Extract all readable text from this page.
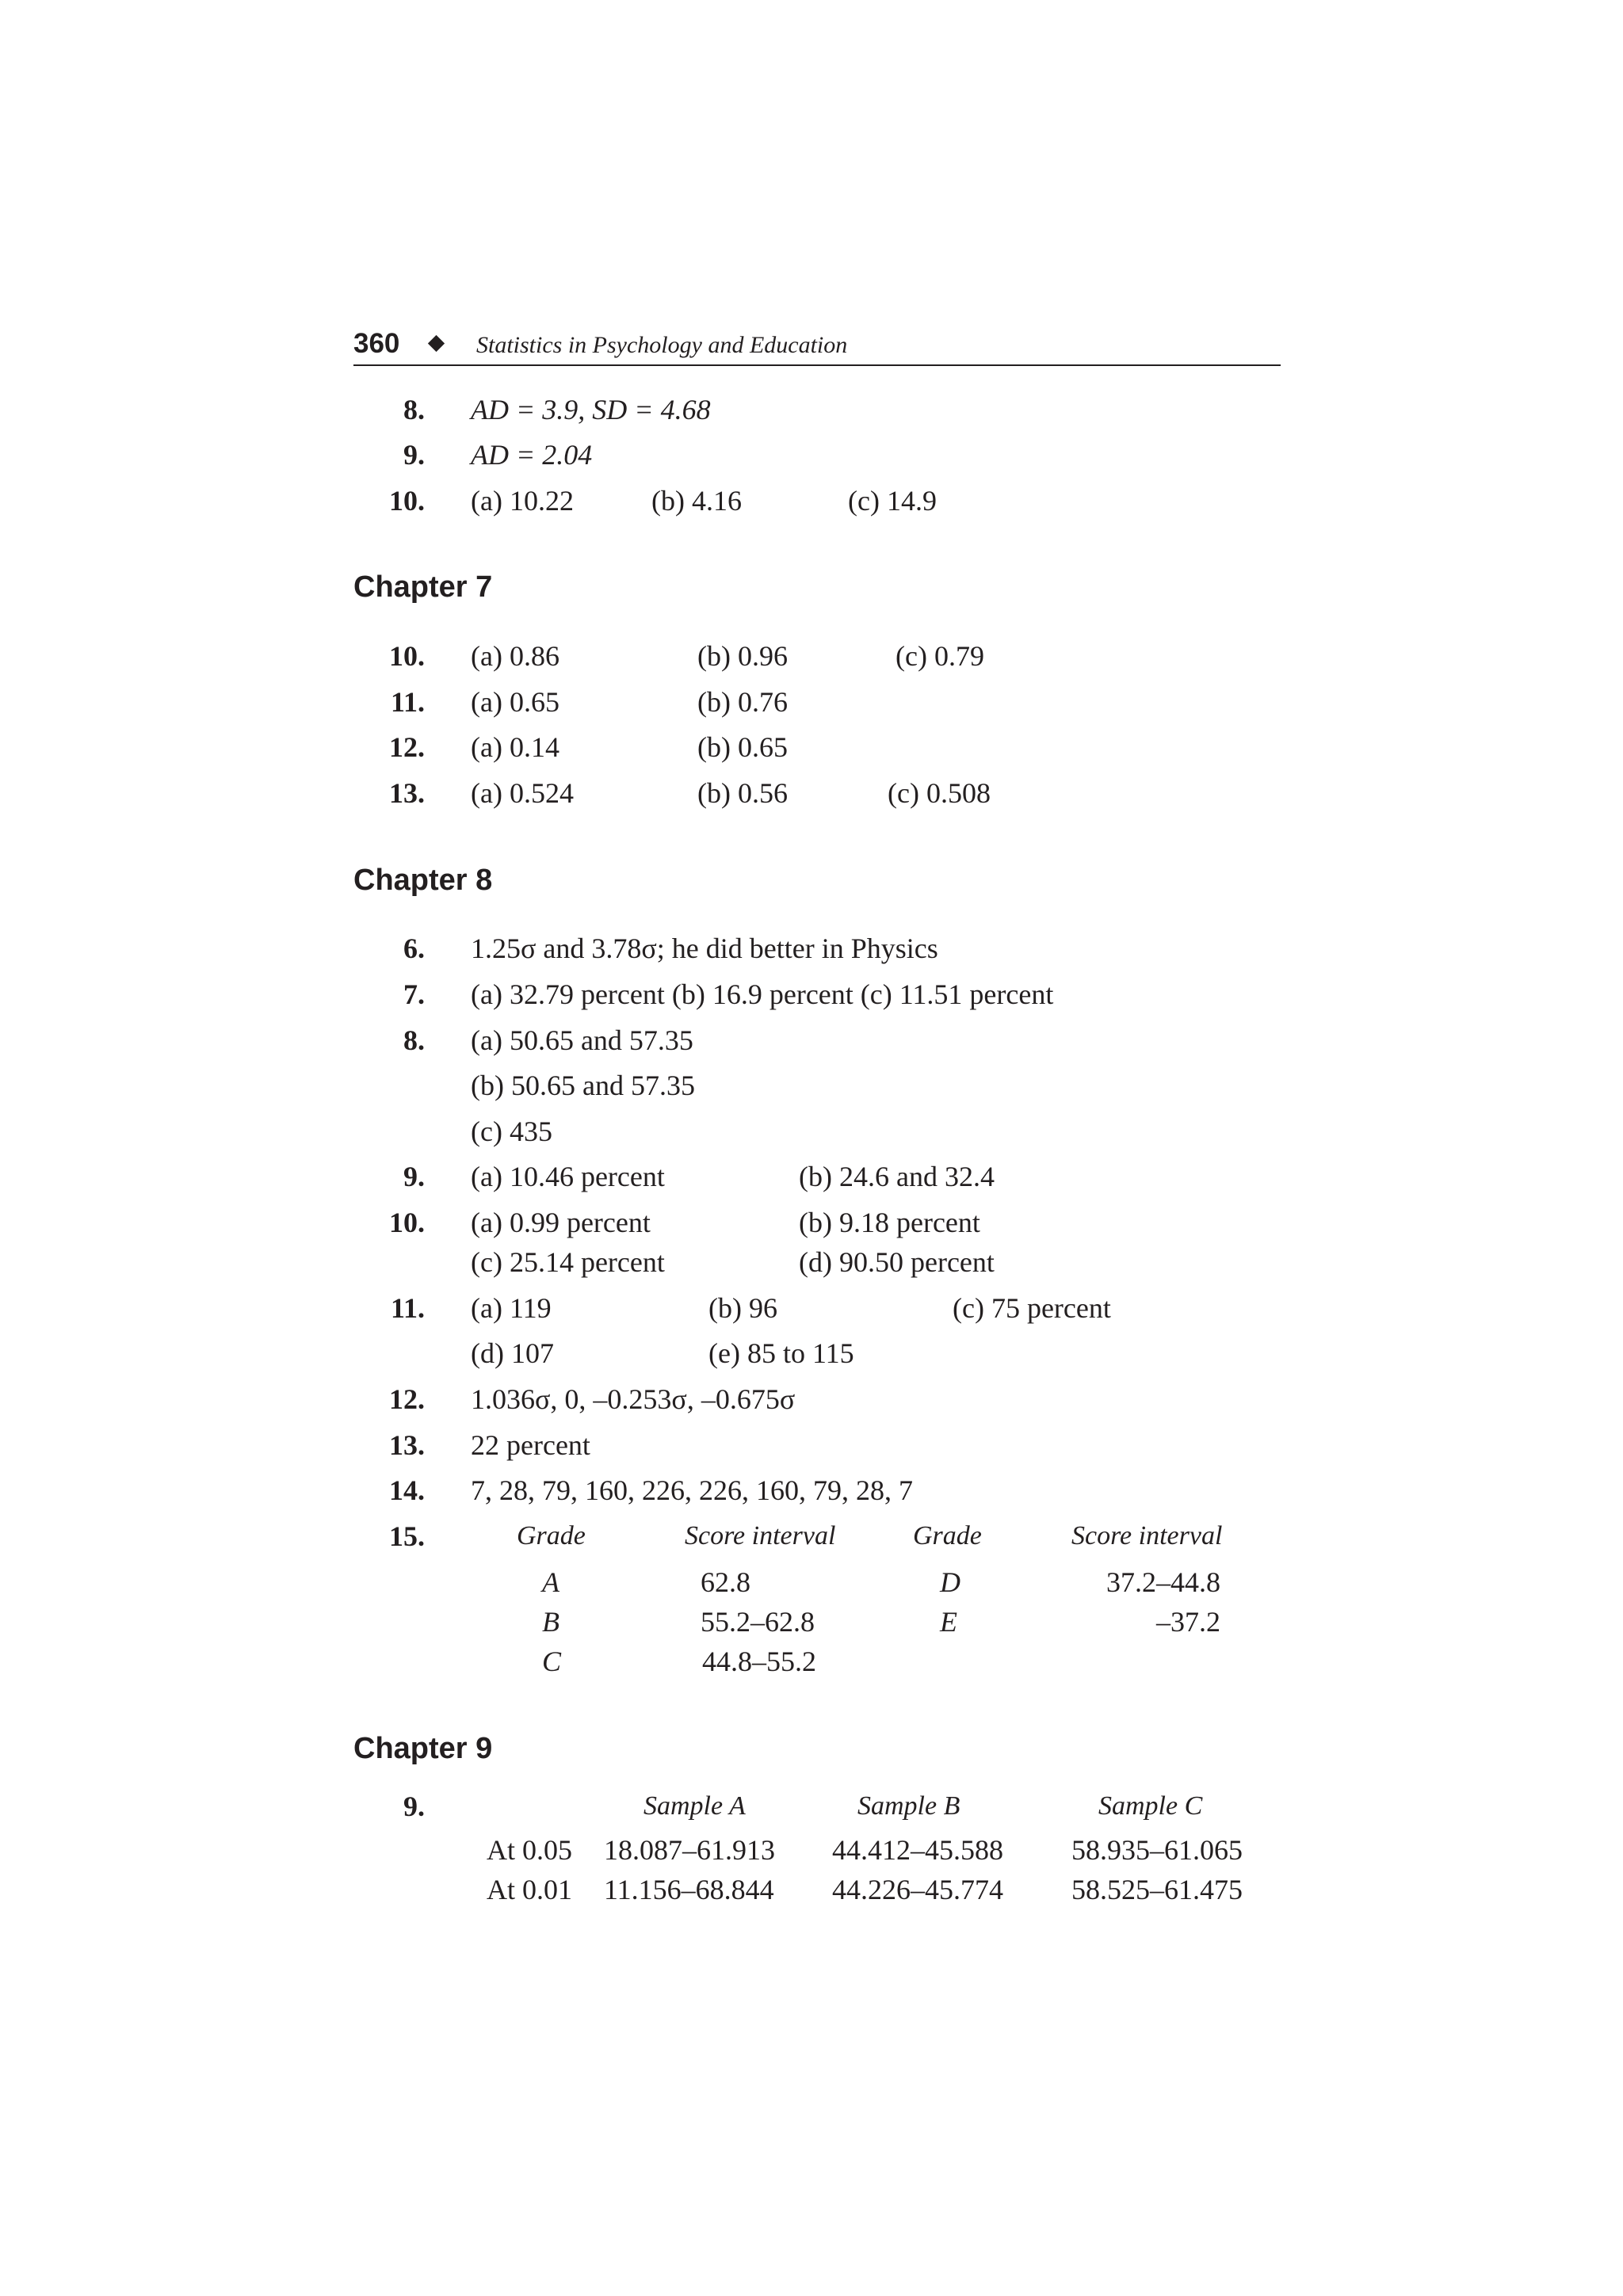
360	Statistics in Psychology and Education
8. AD = 3.9, SD = 4.68
9. AD = 2.04
10. (a) 10.22	(b) 4.16	(c) 14.9
Chapter 7
10. (a) 0.86	(b) 0.96	(c) 0.79
11. (a) 0.65	(b) 0.76
12. (a) 0.14	(b) 0.65
13. (a) 0.524	(b) 0.56	(c) 0.508
Chapter 8
6. 1.25σ and 3.78σ; he did better in Physics
7. (a) 32.79 percent (b) 16.9 percent (c) 11.51 percent
8. (a) 50.65 and 57.35
(b) 50.65 and 57.35
(c) 435
9. (a) 10.46 percent	(b) 24.6 and 32.4
10. (a) 0.99 percent	(b) 9.18 percent
(c) 25.14 percent	(d) 90.50 percent
11. (a) 119	(b) 96	(c) 75 percent
(d) 107	(e) 85 to 115
12. 1.036σ, 0, –0.253σ, –0.675σ
13. 22 percent
14. 7, 28, 79, 160, 226, 226, 160, 79, 28, 7
15.	Grade	Score interval	Grade	Score interval
A	62.8	D	37.2–44.8
B	55.2–62.8	E	–37.2
C	44.8–55.2
Chapter 9
9.	Sample A	Sample B	Sample C
At 0.05 18.087–61.913 44.412–45.588 58.935–61.065
At 0.01 11.156–68.844 44.226–45.774 58.525–61.475
